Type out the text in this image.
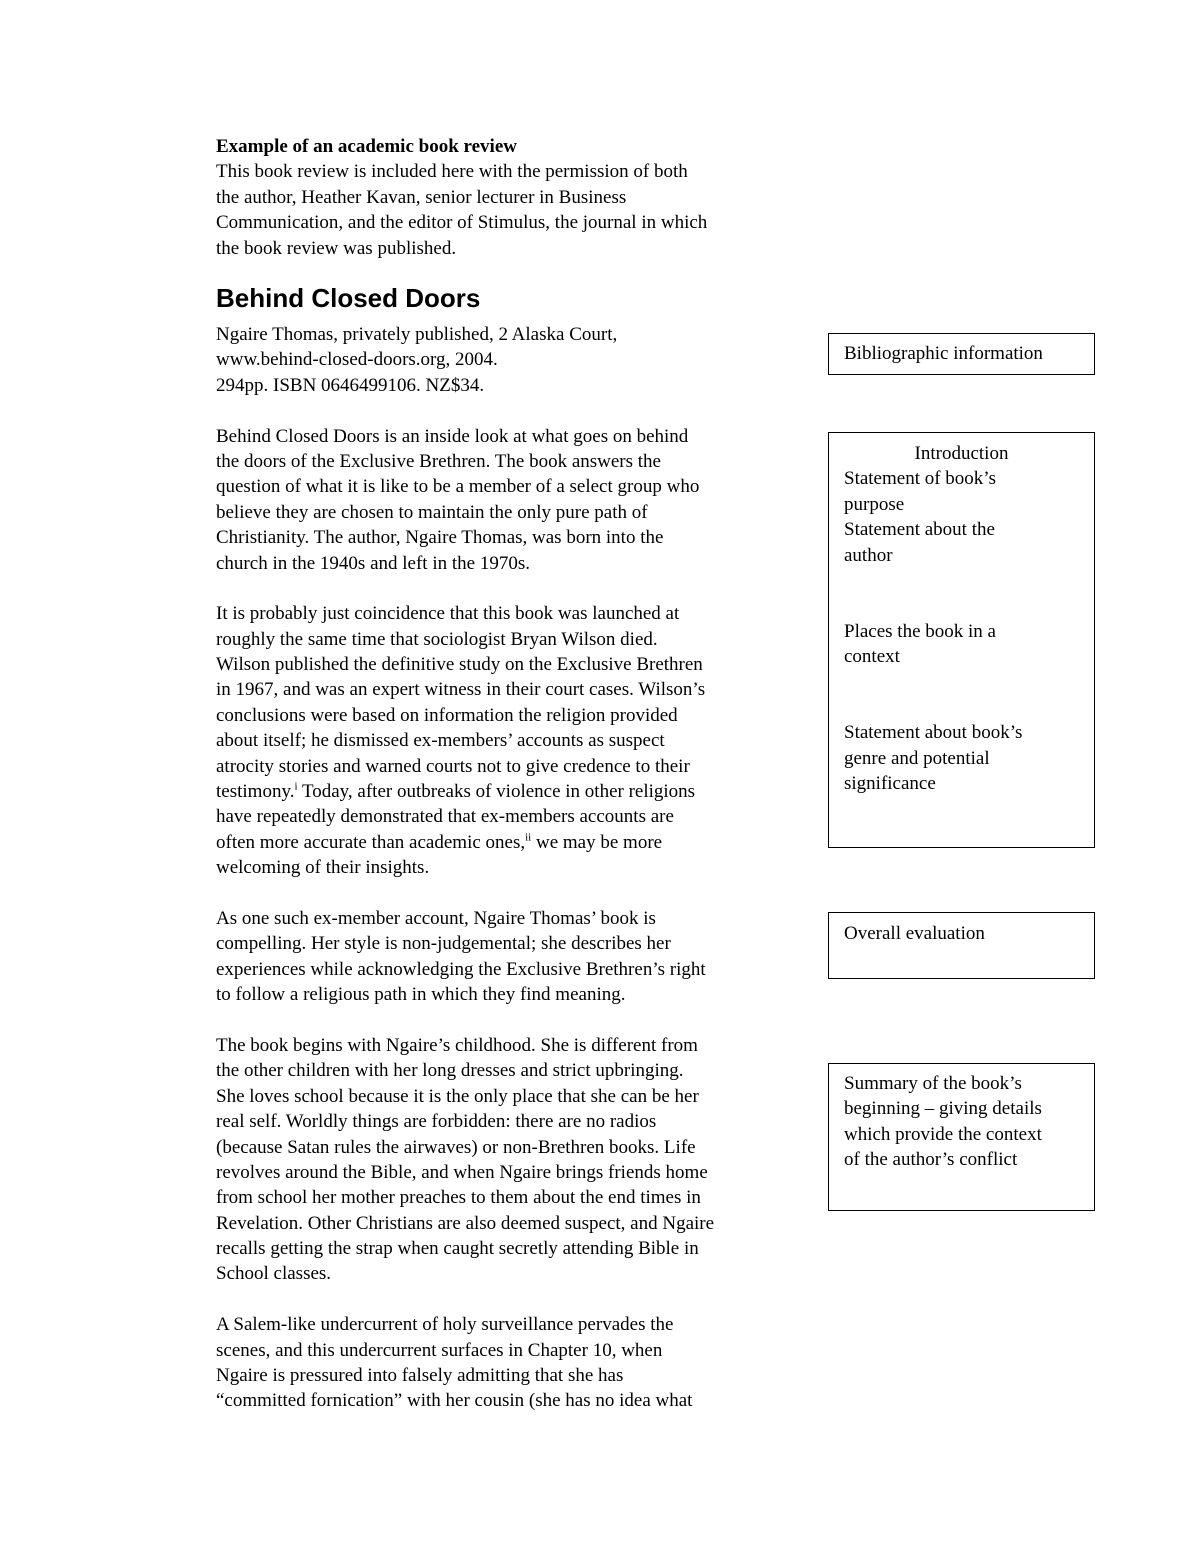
Example of an academic book review
This book review is included here with the permission of both
the author, Heather Kavan, senior lecturer in Business
Communication, and the editor of Stimulus, the journal in which
the book review was published.
Behind Closed Doors
Ngaire Thomas, privately published, 2 Alaska Court,
www.behind-closed-doors.org, 2004.
294pp. ISBN 0646499106. NZ$34.
Behind Closed Doors is an inside look at what goes on behind
the doors of the Exclusive Brethren. The book answers the
question of what it is like to be a member of a select group who
believe they are chosen to maintain the only pure path of
Christianity. The author, Ngaire Thomas, was born into the
church in the 1940s and left in the 1970s.
It is probably just coincidence that this book was launched at
roughly the same time that sociologist Bryan Wilson died.
Wilson published the definitive study on the Exclusive Brethren
in 1967, and was an expert witness in their court cases. Wilson’s
conclusions were based on information the religion provided
about itself; he dismissed ex-members’ accounts as suspect
atrocity stories and warned courts not to give credence to their
testimony.$^i$ Today, after outbreaks of violence in other religions
have repeatedly demonstrated that ex-members accounts are
often more accurate than academic ones,$^{ii}$ we may be more
welcoming of their insights.
As one such ex-member account, Ngaire Thomas’ book is
compelling. Her style is non-judgemental; she describes her
experiences while acknowledging the Exclusive Brethren’s right
to follow a religious path in which they find meaning.
The book begins with Ngaire’s childhood. She is different from
the other children with her long dresses and strict upbringing.
She loves school because it is the only place that she can be her
real self. Worldly things are forbidden: there are no radios
(because Satan rules the airwaves) or non-Brethren books. Life
revolves around the Bible, and when Ngaire brings friends home
from school her mother preaches to them about the end times in
Revelation. Other Christians are also deemed suspect, and Ngaire
recalls getting the strap when caught secretly attending Bible in
School classes.
A Salem-like undercurrent of holy surveillance pervades the
scenes, and this undercurrent surfaces in Chapter 10, when
Ngaire is pressured into falsely admitting that she has
“committed fornication” with her cousin (she has no idea what
Bibliographic information
Introduction
Statement of book’s
purpose
Statement about the
author
Places the book in a
context
Statement about book’s
genre and potential
significance
Overall evaluation
Summary of the book’s
beginning – giving details
which provide the context
of the author’s conflict
